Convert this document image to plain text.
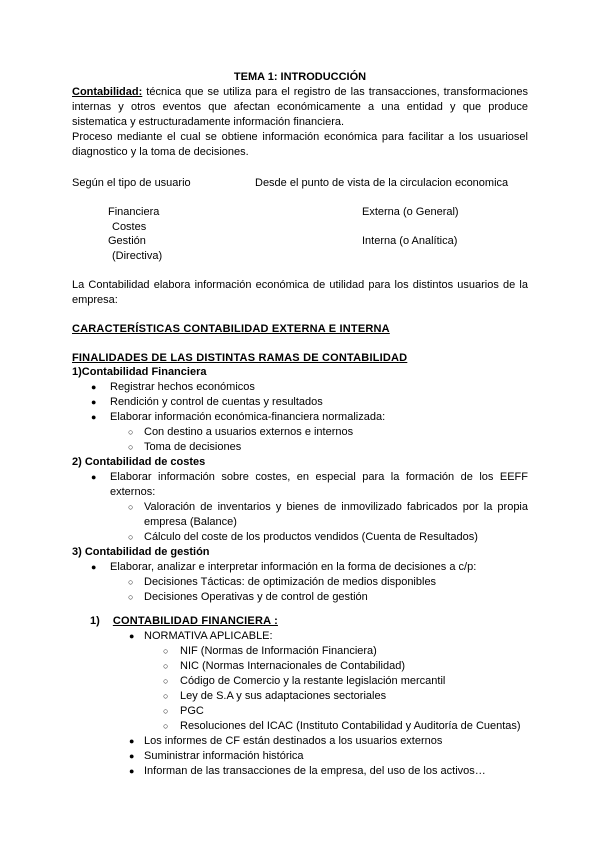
TEMA 1: INTRODUCCIÓN
Contabilidad: técnica que se utiliza para el registro de las transacciones, transformaciones internas y otros eventos que afectan económicamente a una entidad y que produce sistematica y estructuradamente información financiera.
Proceso mediante el cual se obtiene información económica para facilitar a los usuariosel diagnostico y la toma de decisiones.
Según el tipo de usuario	Desde el punto de vista de la circulacion economica
Financiera
Costes
Gestión
(Directiva)
Externa (o General)
Interna (o Analítica)
La Contabilidad elabora información económica de utilidad para los distintos usuarios de la empresa:
CARACTERÍSTICAS CONTABILIDAD EXTERNA E INTERNA
FINALIDADES DE LAS DISTINTAS RAMAS DE CONTABILIDAD
1)Contabilidad Financiera
● Registrar hechos económicos
● Rendición y control de cuentas y resultados
● Elaborar información económica-financiera normalizada:
○ Con destino a usuarios externos e internos
○ Toma de decisiones
2) Contabilidad de costes
● Elaborar información sobre costes, en especial para la formación de los EEFF externos:
○ Valoración de inventarios y bienes de inmovilizado fabricados por la propia empresa (Balance)
○ Cálculo del coste de los productos vendidos (Cuenta de Resultados)
3) Contabilidad de gestión
● Elaborar, analizar e interpretar información en la forma de decisiones a c/p:
○ Decisiones Tácticas: de optimización de medios disponibles
○ Decisiones Operativas y de control de gestión
1) CONTABILIDAD FINANCIERA :
● NORMATIVA APLICABLE:
○ NIF (Normas de Información Financiera)
○ NIC (Normas Internacionales de Contabilidad)
○ Código de Comercio y la restante legislación mercantil
○ Ley de S.A y sus adaptaciones sectoriales
○ PGC
○ Resoluciones del ICAC (Instituto Contabilidad y Auditoría de Cuentas)
● Los informes de CF están destinados a los usuarios externos
● Suministrar información histórica
● Informan de las transacciones de la empresa, del uso de los activos…
